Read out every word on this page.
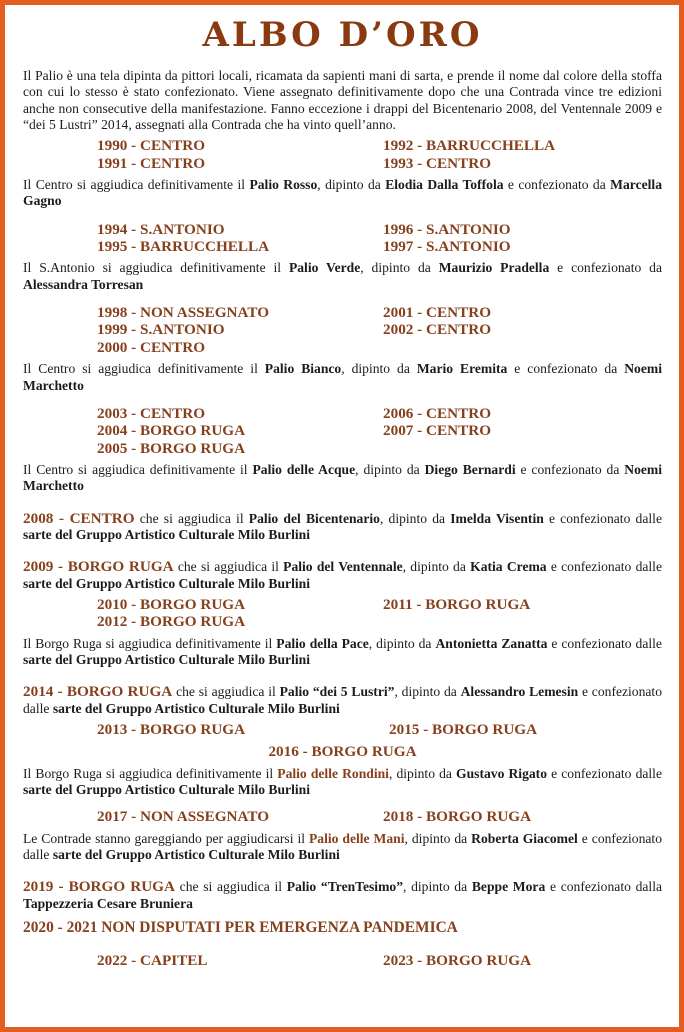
ALBO D’ORO

Il Palio è una tela dipinta da pittori locali, ricamata da sapienti mani di sarta, e prende il nome dal colore della stoffa con cui lo stesso è stato confezionato. Viene assegnato definitivamente dopo che una Contrada vince tre edizioni anche non consecutive della manifestazione. Fanno eccezione i drappi del Bicentenario 2008, del Ventennale 2009 e “dei 5 Lustri” 2014, assegnati alla Contrada che ha vinto quell’anno.

1990 - CENTRO	1992 - BARRUCCHELLA
1991 - CENTRO	1993 - CENTRO

Il Centro si aggiudica definitivamente il Palio Rosso, dipinto da Elodia Dalla Toffola e confezionato da Marcella Gagno

1994 - S.ANTONIO	1996 - S.ANTONIO
1995 - BARRUCCHELLA	1997 - S.ANTONIO

Il S.Antonio si aggiudica definitivamente il Palio Verde, dipinto da Maurizio Pradella e confezionato da Alessandra Torresan

1998 - NON ASSEGNATO	2001 - CENTRO
1999 - S.ANTONIO	2002 - CENTRO
2000 - CENTRO

Il Centro si aggiudica definitivamente il Palio Bianco, dipinto da Mario Eremita e confezionato da Noemi Marchetto

2003 - CENTRO	2006 - CENTRO
2004 - BORGO RUGA	2007 - CENTRO
2005 - BORGO RUGA

Il Centro si aggiudica definitivamente il Palio delle Acque, dipinto da Diego Bernardi e confezionato da Noemi Marchetto

2008 - CENTRO che si aggiudica il Palio del Bicentenario, dipinto da Imelda Visentin e confezionato dalle sarte del Gruppo Artistico Culturale Milo Burlini

2009 - BORGO RUGA che si aggiudica il Palio del Ventennale, dipinto da Katia Crema e confezionato dalle sarte del Gruppo Artistico Culturale Milo Burlini

2010 - BORGO RUGA	2011 - BORGO RUGA
2012 - BORGO RUGA

Il Borgo Ruga si aggiudica definitivamente il Palio della Pace, dipinto da Antonietta Zanatta e confezionato dalle sarte del Gruppo Artistico Culturale Milo Burlini

2014 - BORGO RUGA che si aggiudica il Palio “dei 5 Lustri”, dipinto da Alessandro Lemesin e confezionato dalle sarte del Gruppo Artistico Culturale Milo Burlini

2013 - BORGO RUGA	2015 - BORGO RUGA
2016 - BORGO RUGA

Il Borgo Ruga si aggiudica definitivamente il Palio delle Rondini, dipinto da Gustavo Rigato e confezionato dalle sarte del Gruppo Artistico Culturale Milo Burlini

2017 - NON ASSEGNATO	2018 - BORGO RUGA

Le Contrade stanno gareggiando per aggiudicarsi il Palio delle Mani, dipinto da Roberta Giacomel e confezionato dalle sarte del Gruppo Artistico Culturale Milo Burlini

2019 - BORGO RUGA che si aggiudica il Palio “TrenTesimo”, dipinto da Beppe Mora e confezionato dalla Tappezzeria Cesare Bruniera

2020 - 2021 NON DISPUTATI PER EMERGENZA PANDEMICA
2022 - CAPITEL	2023 - BORGO RUGA
